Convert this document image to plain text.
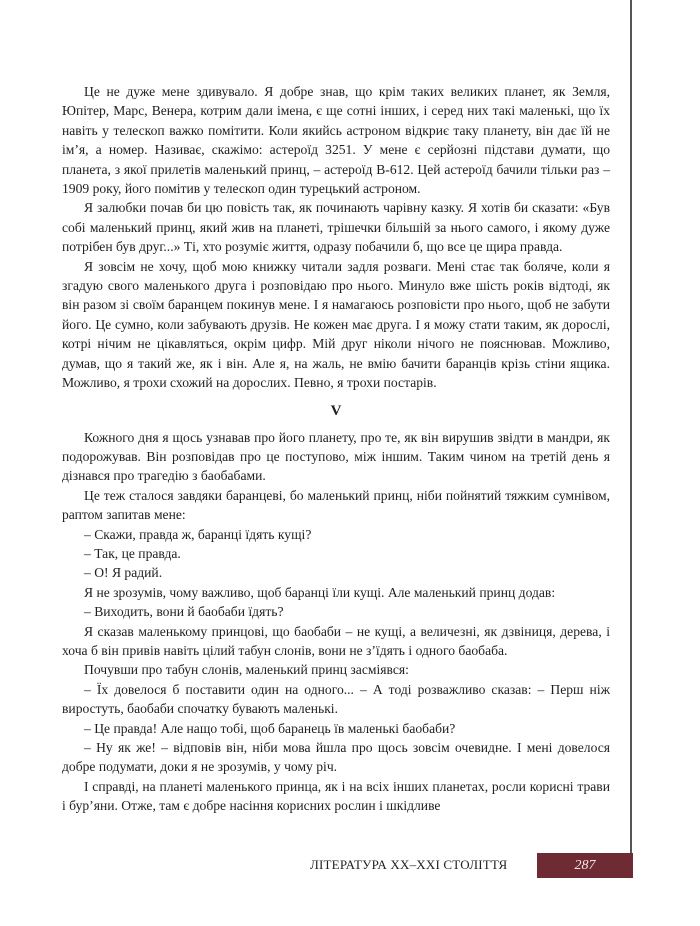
Це не дуже мене здивувало. Я добре знав, що крім таких великих планет, як Земля, Юпітер, Марс, Венера, котрим дали імена, є ще сотні інших, і серед них такі маленькі, що їх навіть у телескоп важко помітити. Коли якийсь астроном відкриє таку планету, він дає їй не ім’я, а номер. Називає, скажімо: астероїд 3251. У мене є серйозні підстави думати, що планета, з якої прилетів маленький принц, – астероїд В-612. Цей астероїд бачили тільки раз – 1909 року, його помітив у телескоп один турецький астроном.

Я залюбки почав би цю повість так, як починають чарівну казку. Я хотів би сказати: «Був собі маленький принц, який жив на планеті, трішечки більшій за нього самого, і якому дуже потрібен був друг...» Ті, хто розуміє життя, одразу побачили б, що все це щира правда.

Я зовсім не хочу, щоб мою книжку читали задля розваги. Мені стає так боляче, коли я згадую свого маленького друга і розповідаю про нього. Минуло вже шість років відтоді, як він разом зі своїм баранцем покинув мене. І я намагаюсь розповісти про нього, щоб не забути його. Це сумно, коли забувають друзів. Не кожен має друга. І я можу стати таким, як дорослі, котрі нічим не цікавляться, окрім цифр. Мій друг ніколи нічого не пояснював. Можливо, думав, що я такий же, як і він. Але я, на жаль, не вмію бачити баранців крізь стіни ящика. Можливо, я трохи схожий на дорослих. Певно, я трохи постарів.

V

Кожного дня я щось узнавав про його планету, про те, як він вирушив звідти в мандри, як подорожував. Він розповідав про це поступово, між іншим. Таким чином на третій день я дізнався про трагедію з баобабами.

Це теж сталося завдяки баранцеві, бо маленький принц, ніби пойнятий тяжким сумнівом, раптом запитав мене:

– Скажи, правда ж, баранці їдять кущі?

– Так, це правда.

– О! Я радий.

Я не зрозумів, чому важливо, щоб баранці їли кущі. Але маленький принц додав:

– Виходить, вони й баобаби їдять?

Я сказав маленькому принцові, що баобаби – не кущі, а величезні, як дзвіниця, дерева, і хоча б він привів навіть цілий табун слонів, вони не з’їдять і одного баобаба.

Почувши про табун слонів, маленький принц засміявся:

– Їх довелося б поставити один на одного... – А тоді розважливо сказав: – Перш ніж виростуть, баобаби спочатку бувають маленькі.

– Це правда! Але нащо тобі, щоб баранець їв маленькі баобаби?

– Ну як же! – відповів він, ніби мова йшла про щось зовсім очевидне. І мені довелося добре подумати, доки я не зрозумів, у чому річ.

І справді, на планеті маленького принца, як і на всіх інших планетах, росли корисні трави і бур’яни. Отже, там є добре насіння корисних рослин і шкідливе

ЛІТЕРАТУРА XX–XXI СТОЛІТТЯ	287
